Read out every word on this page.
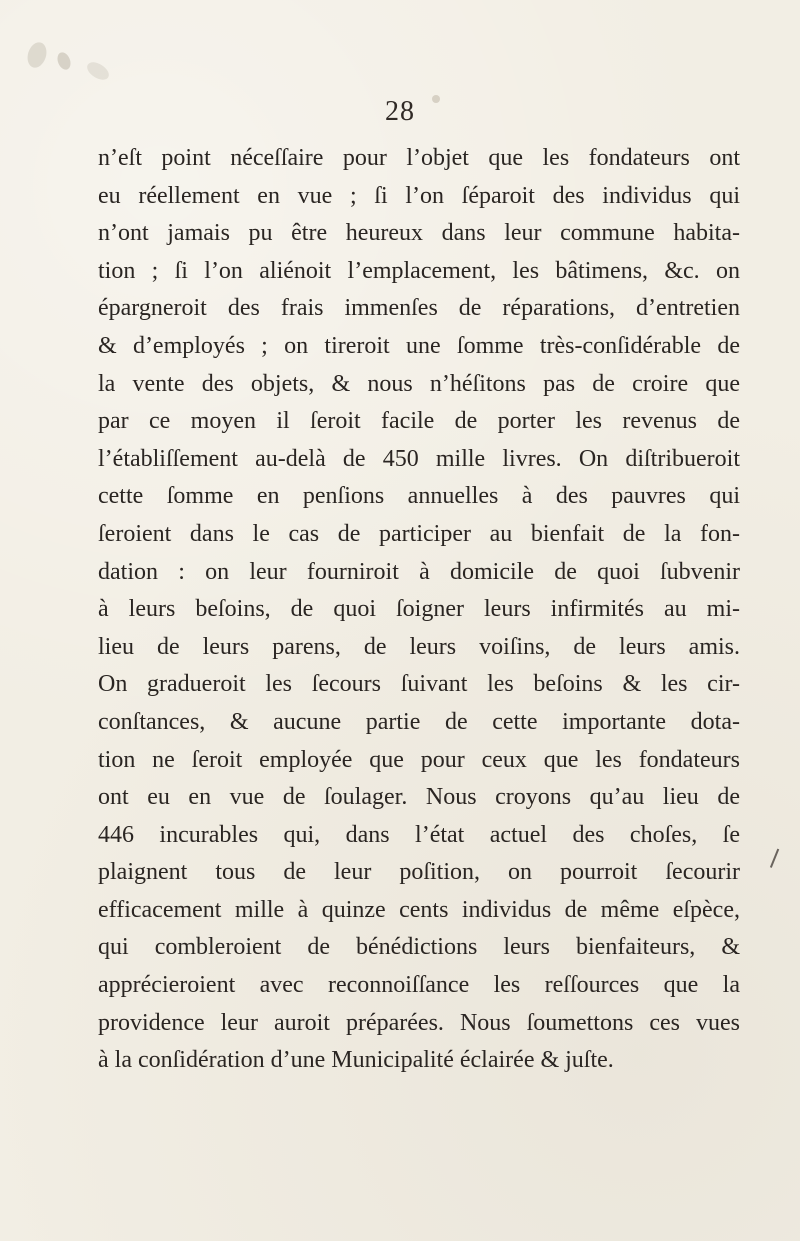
28
n’eſt point néceſſaire pour l’objet que les fondateurs ont
eu réellement en vue ; ſi l’on ſéparoit des individus qui
n’ont jamais pu être heureux dans leur commune habita-
tion ; ſi l’on aliénoit l’emplacement, les bâtimens, &c. on
épargneroit des frais immenſes de réparations, d’entretien
& d’employés ; on tireroit une ſomme très-conſidérable de
la vente des objets, & nous n’héſitons pas de croire que
par ce moyen il ſeroit facile de porter les revenus de
l’établiſſement au-delà de 450 mille livres. On diſtribueroit
cette ſomme en penſions annuelles à des pauvres qui
ſeroient dans le cas de participer au bienfait de la fon-
dation : on leur fourniroit à domicile de quoi ſubvenir
à leurs beſoins, de quoi ſoigner leurs infirmités au mi-
lieu de leurs parens, de leurs voiſins, de leurs amis.
On gradueroit les ſecours ſuivant les beſoins & les cir-
conſtances, & aucune partie de cette importante dota-
tion ne ſeroit employée que pour ceux que les fondateurs
ont eu en vue de ſoulager. Nous croyons qu’au lieu de
446 incurables qui, dans l’état actuel des choſes, ſe
plaignent tous de leur poſition, on pourroit ſecourir
efficacement mille à quinze cents individus de même eſpèce,
qui combleroient de bénédictions leurs bienfaiteurs, &
apprécieroient avec reconnoiſſance les reſſources que la
providence leur auroit préparées. Nous ſoumettons ces vues
à la conſidération d’une Municipalité éclairée & juſte.
